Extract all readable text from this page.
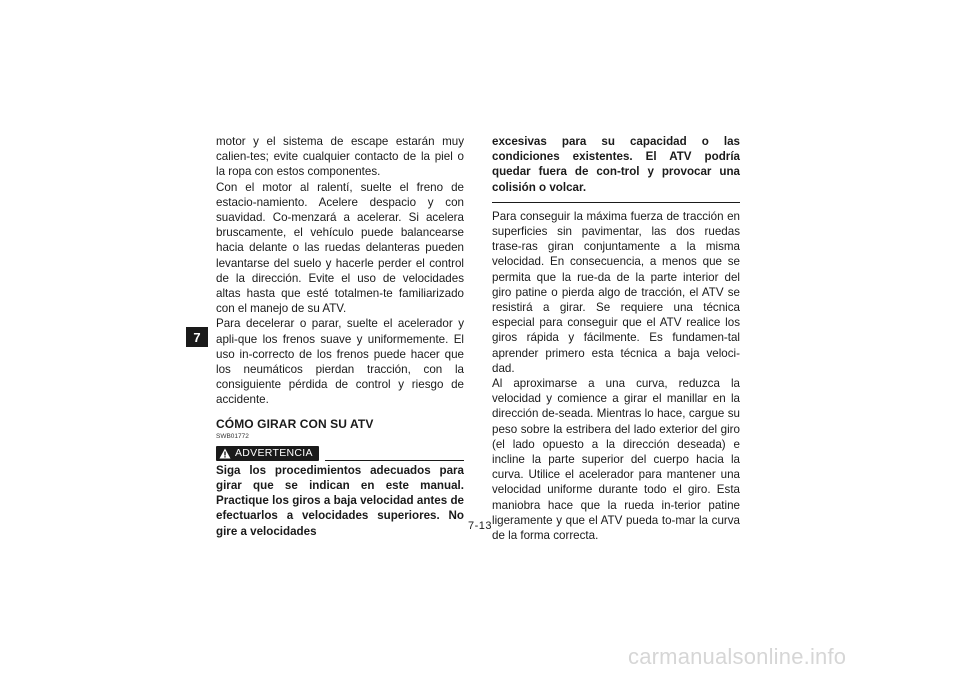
7

motor y el sistema de escape estarán muy calien-tes; evite cualquier contacto de la piel o la ropa con estos componentes.

Con el motor al ralentí, suelte el freno de estacio-namiento. Acelere despacio y con suavidad. Co-menzará a acelerar. Si acelera bruscamente, el vehículo puede balancearse hacia delante o las ruedas delanteras pueden levantarse del suelo y hacerle perder el control de la dirección. Evite el uso de velocidades altas hasta que esté totalmen-te familiarizado con el manejo de su ATV.

Para decelerar o parar, suelte el acelerador y apli-que los frenos suave y uniformemente. El uso in-correcto de los frenos puede hacer que los neumáticos pierdan tracción, con la consiguiente pérdida de control y riesgo de accidente.

CÓMO GIRAR CON SU ATV
SWB01772
ADVERTENCIA

Siga los procedimientos adecuados para girar que se indican en este manual. Practique los giros a baja velocidad antes de efectuarlos a velocidades superiores. No gire a velocidades

excesivas para su capacidad o las condiciones existentes. El ATV podría quedar fuera de con-trol y provocar una colisión o volcar.

Para conseguir la máxima fuerza de tracción en superficies sin pavimentar, las dos ruedas trase-ras giran conjuntamente a la misma velocidad. En consecuencia, a menos que se permita que la rue-da de la parte interior del giro patine o pierda algo de tracción, el ATV se resistirá a girar. Se requiere una técnica especial para conseguir que el ATV realice los giros rápida y fácilmente. Es fundamen-tal aprender primero esta técnica a baja veloci-dad.

Al aproximarse a una curva, reduzca la velocidad y comience a girar el manillar en la dirección de-seada. Mientras lo hace, cargue su peso sobre la estribera del lado exterior del giro (el lado opuesto a la dirección deseada) e incline la parte superior del cuerpo hacia la curva. Utilice el acelerador para mantener una velocidad uniforme durante todo el giro. Esta maniobra hace que la rueda in-terior patine ligeramente y que el ATV pueda to-mar la curva de la forma correcta.

7-13
carmanualsonline.info
